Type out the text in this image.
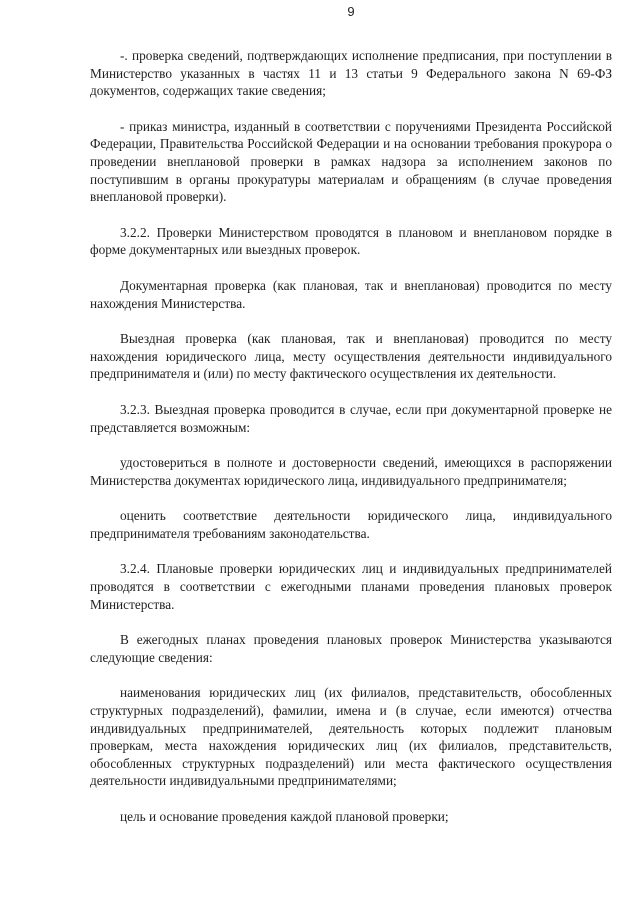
9

-. проверка сведений, подтверждающих исполнение предписания, при поступлении в Министерство указанных в частях 11 и 13 статьи 9 Федерального закона N 69-ФЗ документов, содержащих такие сведения;

- приказ министра, изданный в соответствии с поручениями Президента Российской Федерации, Правительства Российской Федерации и на основании требования прокурора о проведении внеплановой проверки в рамках надзора за исполнением законов по поступившим в органы прокуратуры материалам и обращениям (в случае проведения внеплановой проверки).

3.2.2. Проверки Министерством проводятся в плановом и внеплановом порядке в форме документарных или выездных проверок.

Документарная проверка (как плановая, так и внеплановая) проводится по месту нахождения Министерства.

Выездная проверка (как плановая, так и внеплановая) проводится по месту нахождения юридического лица, месту осуществления деятельности индивидуального предпринимателя и (или) по месту фактического осуществления их деятельности.

3.2.3. Выездная проверка проводится в случае, если при документарной проверке не представляется возможным:

удостовериться в полноте и достоверности сведений, имеющихся в распоряжении Министерства документах юридического лица, индивидуального предпринимателя;

оценить соответствие деятельности юридического лица, индивидуального предпринимателя требованиям законодательства.

3.2.4. Плановые проверки юридических лиц и индивидуальных предпринимателей проводятся в соответствии с ежегодными планами проведения плановых проверок Министерства.

В ежегодных планах проведения плановых проверок Министерства указываются следующие сведения:

наименования юридических лиц (их филиалов, представительств, обособленных структурных подразделений), фамилии, имена и (в случае, если имеются) отчества индивидуальных предпринимателей, деятельность которых подлежит плановым проверкам, места нахождения юридических лиц (их филиалов, представительств, обособленных структурных подразделений) или места фактического осуществления деятельности индивидуальными предпринимателями;

цель и основание проведения каждой плановой проверки;
